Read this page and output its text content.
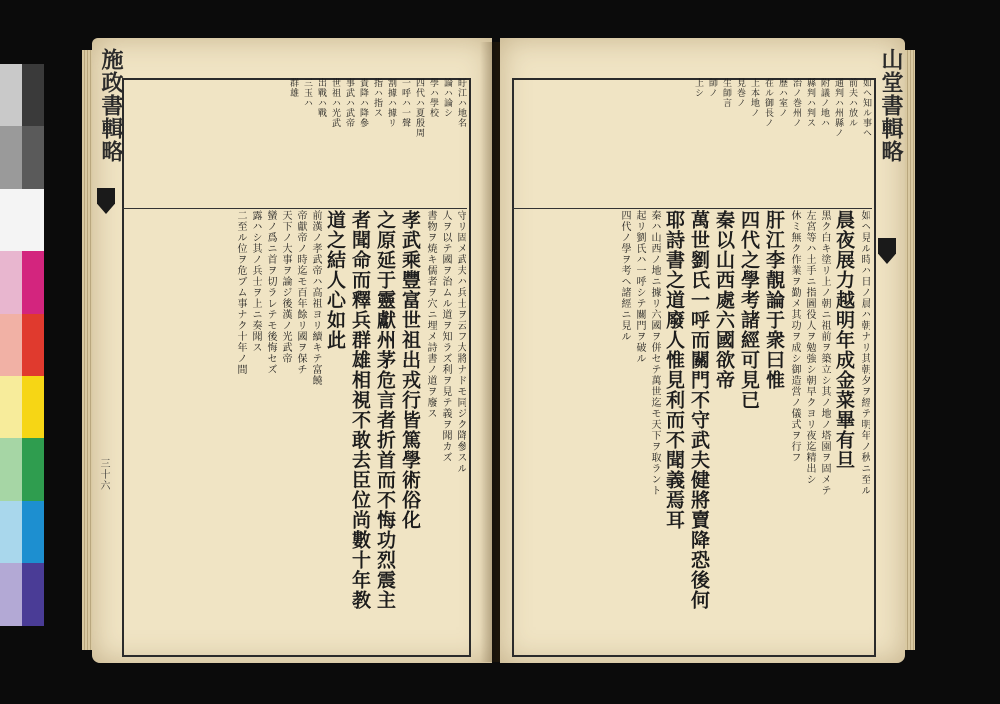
施政書輯略
三十六
盱江ハ地名
論ハ論シ
學ハ學校
四代ハ夏殷周
一呼ハ一聲
割據ハ據リ
指ハ指ス
貴降ハ降參
事武ハ武帝
世祖ハ光武
出戰ハ戰
三玉ハ
群雄
守リ固メ武夫ハ兵士ヲ云フ大將ナドモ同ジク降參スル
人ヲ以テ國ヲ治ムル道ヲ知ラズ利ヲ見テ義ヲ聞カズ
書物ヲ焼キ儒者ヲ穴ニ埋メ詩書ノ道ヲ廢ス
孝武乘豐富世祖出戎行皆篤學術俗化
之原延于靈獻州茅危言者折首而不悔功烈震主
者聞命而釋兵群雄相視不敢去臣位尚數十年教
道之結人心如此
前漢ノ孝武帝ハ高祖ヨリ續キテ富饒
帝獻帝ノ時迄モ百年餘リ國ヲ保チ
天下ノ大事ヲ論ジ後漢ノ光武帝
蠻ノ爲ニ首ヲ切ラレテモ後悔セズ
露ハシ其ノ兵士ヲ上ニ奏聞ス
二至ル位ヲ危ブム事ナク十年ノ間
山堂書輯略
如ヘ知ル事ヘ
前夫ハ放ル
通判ハ州縣ノ
附議ノ地ハ
縣判ハ判ス
治ノ巻州ノ
歷ハ室ノ
在ル御長ノ
上本地ノ
見巻ノ
生師言
師ノ
上シ
如ヘ見ル時ハ日ノ晨ハ朝ナリ其朝夕ヲ經テ明年ノ秋ニ至ル
晨夜展力越明年成金菜畢有旦
黑ク白キ塗リ上ノ朝ニ祖前ヲ築立シ其ノ地ノ塔園ヲ固メテ
左宮等ハ土手ニ指圖役人ヲ勉強シ朝早クヨリ夜迄精出シ
休ミ無ク作業ヲ勤メ其功ヲ成シ御造営ノ儀式ヲ行フ
肝江李靚論于衆曰惟
四代之學考諸經可見已
秦以山西處六國欲帝
萬世劉氏一呼而關門不守武夫健將賣降恐後何
耶詩書之道廢人惟見利而不聞義焉耳
秦ハ山西ノ地ニ據リ六國ヲ併セテ萬世迄モ天下ヲ取ラント
起リ劉氏ハ一呼シテ關門ヲ破ル
四代ノ學ヲ考ヘ諸經ニ見ル
